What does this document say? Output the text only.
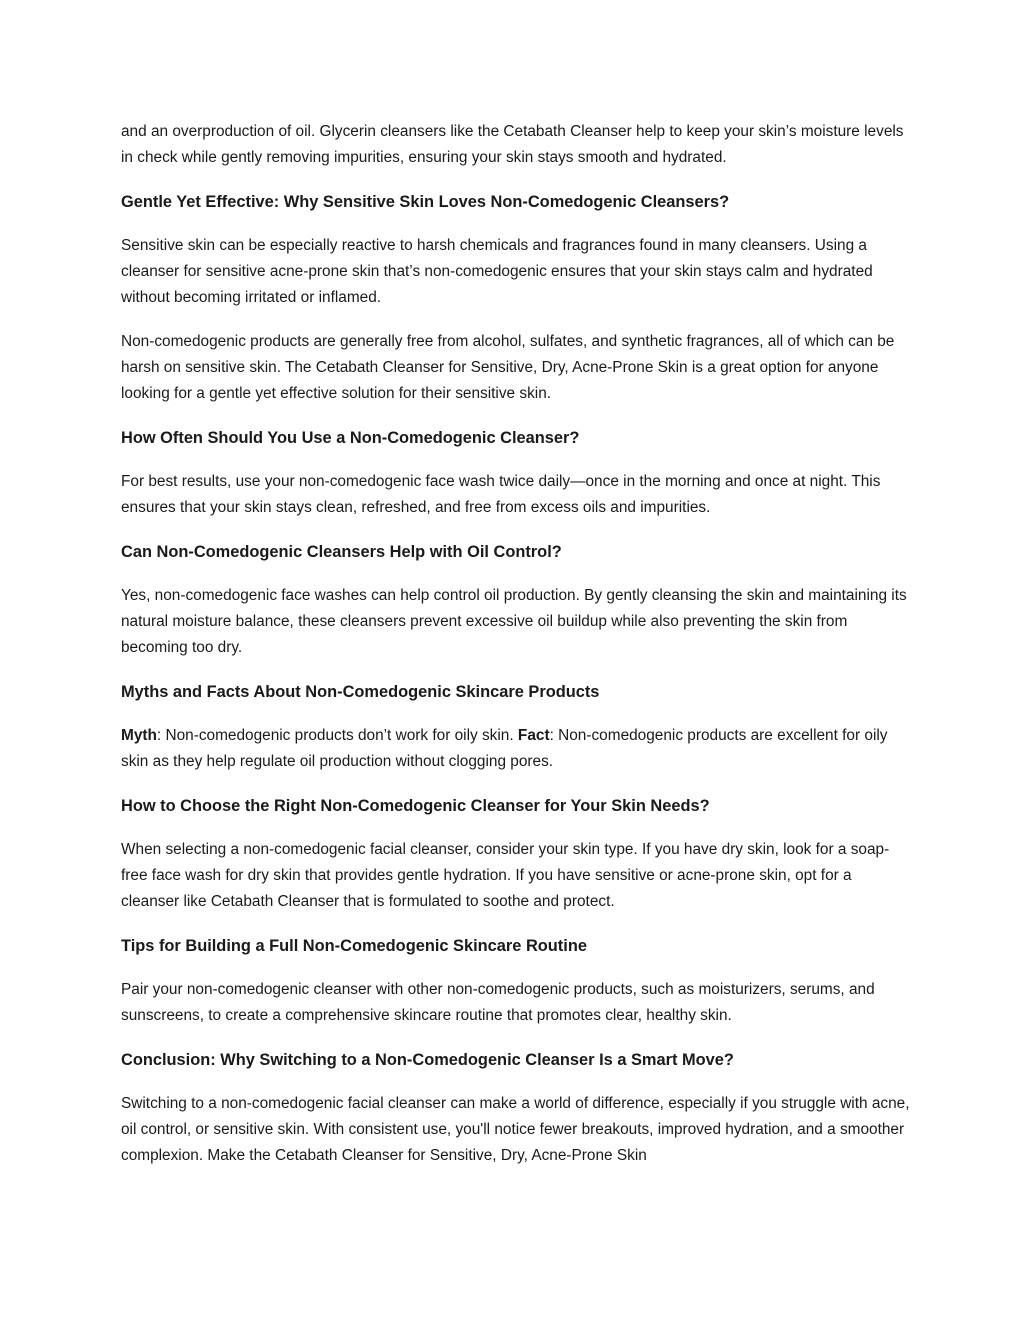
and an overproduction of oil. Glycerin cleansers like the Cetabath Cleanser help to keep your skin’s moisture levels in check while gently removing impurities, ensuring your skin stays smooth and hydrated.

Gentle Yet Effective: Why Sensitive Skin Loves Non-Comedogenic Cleansers?

Sensitive skin can be especially reactive to harsh chemicals and fragrances found in many cleansers. Using a cleanser for sensitive acne-prone skin that’s non-comedogenic ensures that your skin stays calm and hydrated without becoming irritated or inflamed.

Non-comedogenic products are generally free from alcohol, sulfates, and synthetic fragrances, all of which can be harsh on sensitive skin. The Cetabath Cleanser for Sensitive, Dry, Acne-Prone Skin is a great option for anyone looking for a gentle yet effective solution for their sensitive skin.

How Often Should You Use a Non-Comedogenic Cleanser?

For best results, use your non-comedogenic face wash twice daily—once in the morning and once at night. This ensures that your skin stays clean, refreshed, and free from excess oils and impurities.

Can Non-Comedogenic Cleansers Help with Oil Control?

Yes, non-comedogenic face washes can help control oil production. By gently cleansing the skin and maintaining its natural moisture balance, these cleansers prevent excessive oil buildup while also preventing the skin from becoming too dry.

Myths and Facts About Non-Comedogenic Skincare Products

Myth: Non-comedogenic products don’t work for oily skin. Fact: Non-comedogenic products are excellent for oily skin as they help regulate oil production without clogging pores.

How to Choose the Right Non-Comedogenic Cleanser for Your Skin Needs?

When selecting a non-comedogenic facial cleanser, consider your skin type. If you have dry skin, look for a soap-free face wash for dry skin that provides gentle hydration. If you have sensitive or acne-prone skin, opt for a cleanser like Cetabath Cleanser that is formulated to soothe and protect.

Tips for Building a Full Non-Comedogenic Skincare Routine

Pair your non-comedogenic cleanser with other non-comedogenic products, such as moisturizers, serums, and sunscreens, to create a comprehensive skincare routine that promotes clear, healthy skin.

Conclusion: Why Switching to a Non-Comedogenic Cleanser Is a Smart Move?

Switching to a non-comedogenic facial cleanser can make a world of difference, especially if you struggle with acne, oil control, or sensitive skin. With consistent use, you'll notice fewer breakouts, improved hydration, and a smoother complexion. Make the Cetabath Cleanser for Sensitive, Dry, Acne-Prone Skin
